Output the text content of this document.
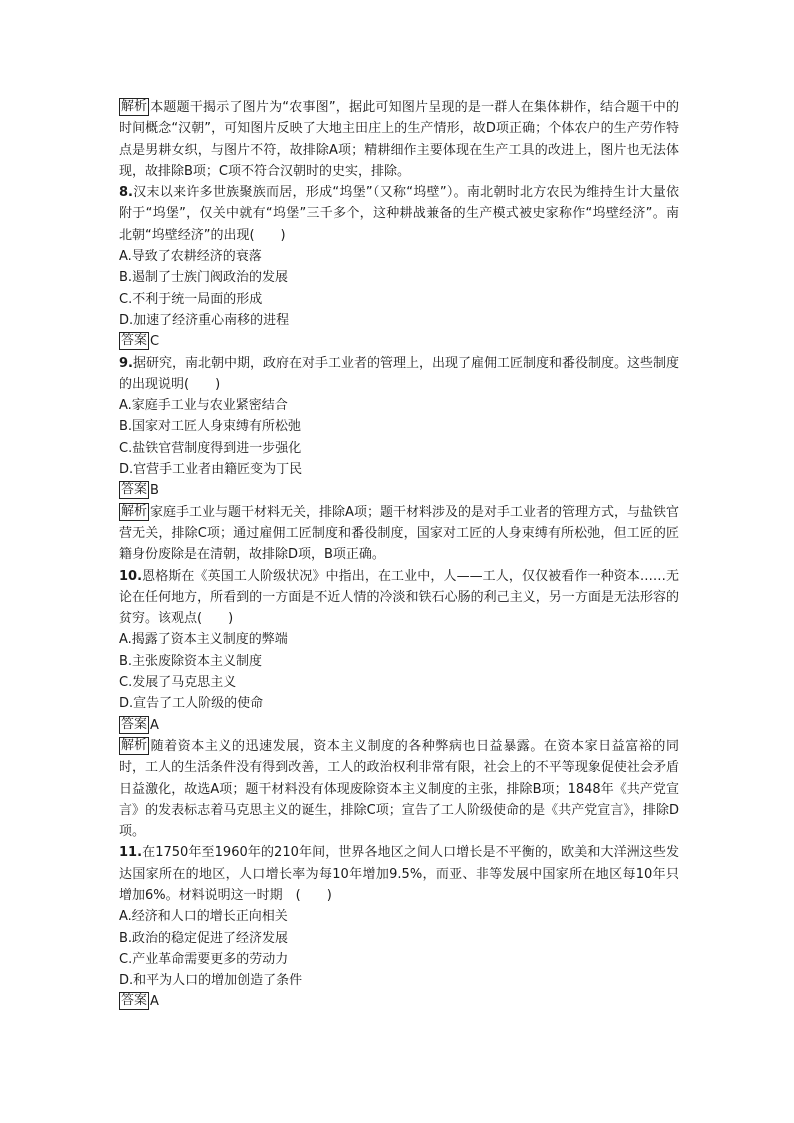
解析 本题题干揭示了图片为“农事图”，据此可知图片呈现的是一群人在集体耕作，结合题干中的时间概念“汉朝”，可知图片反映了大地主田庄上的生产情形，故D项正确；个体农户的生产劳作特点是男耕女织，与图片不符，故排除A项；精耕细作主要体现在生产工具的改进上，图片也无法体现，故排除B项；C项不符合汉朝时的史实，排除。

8.汉末以来许多世族聚族而居，形成“坞堡”（又称“坞壁”）。南北朝时北方农民为维持生计大量依附于“坞堡”，仅关中就有“坞堡”三千多个，这种耕战兼备的生产模式被史家称作“坞壁经济”。南北朝“坞壁经济”的出现(　　)

A.导致了农耕经济的衰落

B.遏制了士族门阀政治的发展

C.不利于统一局面的形成

D.加速了经济重心南移的进程

答案 C

9.据研究，南北朝中期，政府在对手工业者的管理上，出现了雇佣工匠制度和番役制度。这些制度的出现说明(　　)

A.家庭手工业与农业紧密结合

B.国家对工匠人身束缚有所松弛

C.盐铁官营制度得到进一步强化

D.官营手工业者由籍匠变为丁民

答案 B

解析 家庭手工业与题干材料无关，排除A项；题干材料涉及的是对手工业者的管理方式，与盐铁官营无关，排除C项；通过雇佣工匠制度和番役制度，国家对工匠的人身束缚有所松弛，但工匠的匠籍身份废除是在清朝，故排除D项，B项正确。

10.恩格斯在《英国工人阶级状况》中指出，在工业中，人——工人，仅仅被看作一种资本……无论在任何地方，所看到的一方面是不近人情的冷淡和铁石心肠的利己主义，另一方面是无法形容的贫穷。该观点(　　)

A.揭露了资本主义制度的弊端

B.主张废除资本主义制度

C.发展了马克思主义

D.宣告了工人阶级的使命

答案 A

解析 随着资本主义的迅速发展，资本主义制度的各种弊病也日益暴露。在资本家日益富裕的同时，工人的生活条件没有得到改善，工人的政治权利非常有限，社会上的不平等现象促使社会矛盾日益激化，故选A项；题干材料没有体现废除资本主义制度的主张，排除B项；1848年《共产党宣言》的发表标志着马克思主义的诞生，排除C项；宣告了工人阶级使命的是《共产党宣言》，排除D项。

11.在1750年至1960年的210年间，世界各地区之间人口增长是不平衡的，欧美和大洋洲这些发达国家所在的地区，人口增长率为每10年增加9.5%，而亚、非等发展中国家所在地区每10年只增加6%。材料说明这一时期　(　　)

A.经济和人口的增长正向相关

B.政治的稳定促进了经济发展

C.产业革命需要更多的劳动力

D.和平为人口的增加创造了条件

答案 A
